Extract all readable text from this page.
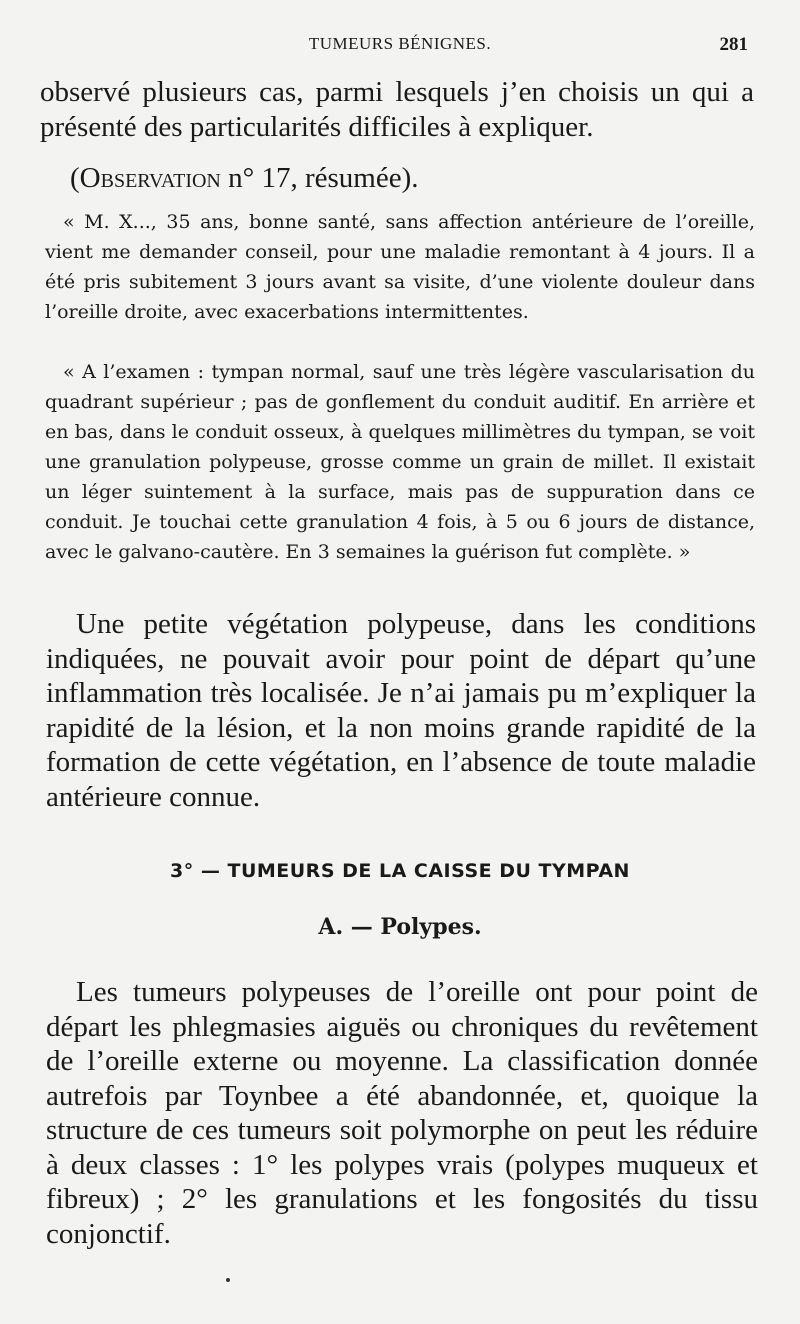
TUMEURS BÉNIGNES.	281
observé plusieurs cas, parmi lesquels j’en choisis un qui a présenté des particularités difficiles à expliquer.
(Observation n° 17, résumée).
« M. X..., 35 ans, bonne santé, sans affection antérieure de l’oreille, vient me demander conseil, pour une maladie remontant à 4 jours. Il a été pris subitement 3 jours avant sa visite, d’une violente douleur dans l’oreille droite, avec exacerbations intermittentes.
« A l’examen : tympan normal, sauf une très légère vascularisation du quadrant supérieur ; pas de gonflement du conduit auditif. En arrière et en bas, dans le conduit osseux, à quelques millimètres du tympan, se voit une granulation polypeuse, grosse comme un grain de millet. Il existait un léger suintement à la surface, mais pas de suppuration dans ce conduit. Je touchai cette granulation 4 fois, à 5 ou 6 jours de distance, avec le galvano-cautère. En 3 semaines la guérison fut complète. »
Une petite végétation polypeuse, dans les conditions indiquées, ne pouvait avoir pour point de départ qu’une inflammation très localisée. Je n’ai jamais pu m’expliquer la rapidité de la lésion, et la non moins grande rapidité de la formation de cette végétation, en l’absence de toute maladie antérieure connue.
3° — TUMEURS DE LA CAISSE DU TYMPAN
A. — Polypes.
Les tumeurs polypeuses de l’oreille ont pour point de départ les phlegmasies aiguës ou chroniques du revêtement de l’oreille externe ou moyenne. La classification donnée autrefois par Toynbee a été abandonnée, et, quoique la structure de ces tumeurs soit polymorphe on peut les réduire à deux classes : 1° les polypes vrais (polypes muqueux et fibreux) ; 2° les granulations et les fongosités du tissu conjonctif.
